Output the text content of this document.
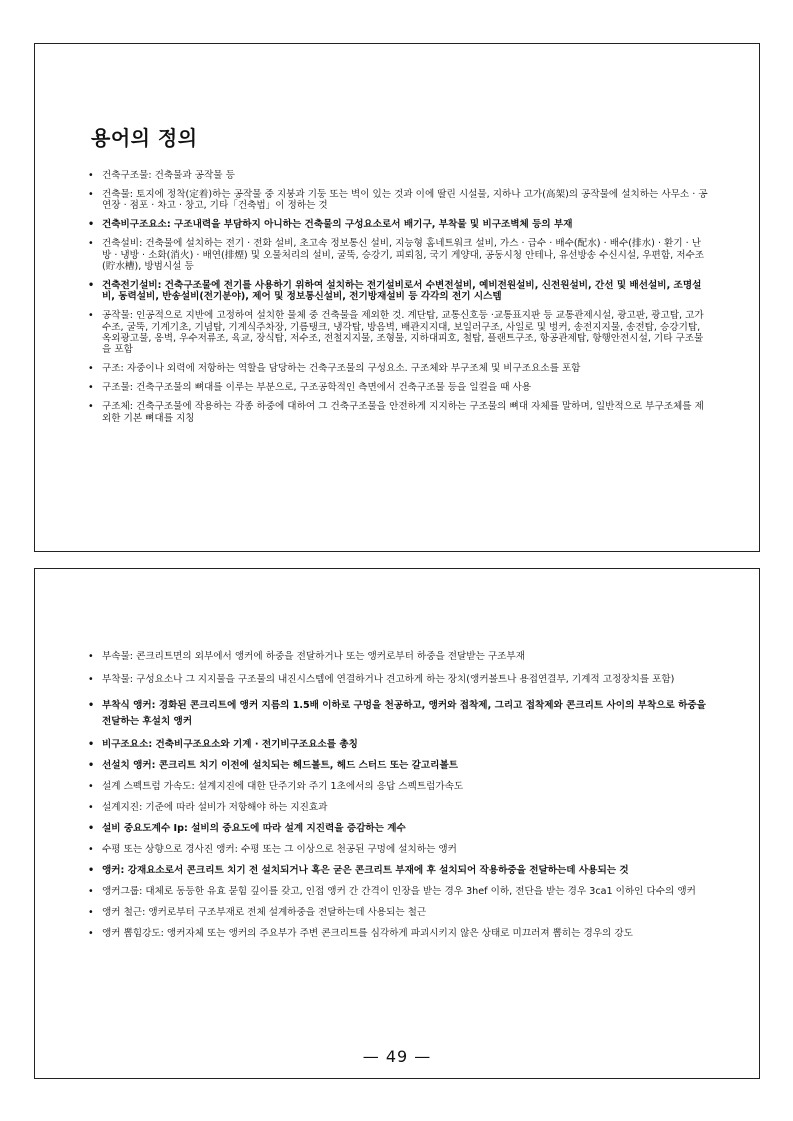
용어의 정의
• 건축구조물: 건축물과 공작물 등
• 건축물: 토지에 정착(定着)하는 공작물 중 지붕과 기둥 또는 벽이 있는 것과 이에 딸린 시설물, 지하나 고가(高架)의 공작물에 설치하는 사무소 · 공연장 · 점포 · 차고 · 창고, 기타「건축법」이 정하는 것
• 건축비구조요소: 구조내력을 부담하지 아니하는 건축물의 구성요소로서 배기구, 부착물 및 비구조벽체 등의 부재
• 건축설비: 건축물에 설치하는 전기 · 전화 설비, 초고속 정보통신 설비, 지능형 홈네트워크 설비, 가스 · 급수 · 배수(配水) · 배수(排水) · 환기 · 난방 · 냉방 · 소화(消火) · 배연(排煙) 및 오물처리의 설비, 굴뚝, 승강기, 피뢰침, 국기 게양대, 공동시청 안테나, 유선방송 수신시설, 우편함, 저수조(貯水槽), 방범시설 등
• 건축전기설비: 건축구조물에 전기를 사용하기 위하여 설치하는 전기설비로서 수변전설비, 예비전원설비, 신전원설비, 간선 및 배선설비, 조명설비, 동력설비, 반송설비(전기분야), 제어 및 정보통신설비, 전기방재설비 등 각각의 전기 시스템
• 공작물: 인공적으로 지반에 고정하여 설치한 물체 중 건축물을 제외한 것. 계단탑, 교통신호등 ·교통표지판 등 교통관제시설, 광고판, 광고탑, 고가수조, 굴뚝, 기계기초, 기념탑, 기계식주차장, 기름탱크, 냉각탑, 방음벽, 배관지지대, 보일러구조, 사일로 및 벙커, 송전지지물, 송전탑, 승강기탑, 옥외광고물, 옹벽, 우수저류조, 육교, 장식탑, 저수조, 전철지지물, 조형물, 지하대피호, 철탑, 플랜트구조, 항공관제탑, 항행안전시설, 기타 구조물을 포함
• 구조: 자중이나 외력에 저항하는 역할을 담당하는 건축구조물의 구성요소. 구조체와 부구조체 및 비구조요소를 포함
• 구조물: 건축구조물의 뼈대를 이루는 부분으로, 구조공학적인 측면에서 건축구조물 등을 일컬을 때 사용
• 구조체: 건축구조물에 작용하는 각종 하중에 대하여 그 건축구조물을 안전하게 지지하는 구조물의 뼈대 자체를 말하며, 일반적으로 부구조체를 제외한 기본 뼈대를 지칭
• 부속물: 콘크리트면의 외부에서 앵커에 하중을 전달하거나 또는 앵커로부터 하중을 전달받는 구조부재
• 부착물: 구성요소나 그 지지물을 구조물의 내진시스템에 연결하거나 견고하게 하는 장치(앵커볼트나 용접연결부, 기계적 고정장치를 포함)
• 부착식 앵커: 경화된 콘크리트에 앵커 지름의 1.5배 이하로 구멍을 천공하고, 앵커와 접착제, 그리고 접착제와 콘크리트 사이의 부착으로 하중을 전달하는 후설치 앵커
• 비구조요소: 건축비구조요소와 기계 · 전기비구조요소를 총칭
• 선설치 앵커: 콘크리트 치기 이전에 설치되는 헤드볼트, 헤드 스터드 또는 갈고리볼트
• 설계 스펙트럼 가속도: 설계지진에 대한 단주기와 주기 1초에서의 응답 스펙트럼가속도
• 설계지진: 기준에 따라 설비가 저항해야 하는 지진효과
• 설비 중요도계수 Ip: 설비의 중요도에 따라 설계 지진력을 증감하는 계수
• 수평 또는 상향으로 경사진 앵커: 수평 또는 그 이상으로 천공된 구멍에 설치하는 앵커
• 앵커: 강재요소로서 콘크리트 치기 전 설치되거나 혹은 굳은 콘크리트 부재에 후 설치되어 작용하중을 전달하는데 사용되는 것
• 앵커그룹: 대체로 동등한 유효 묻힘 깊이를 갖고, 인접 앵커 간 간격이 인장을 받는 경우 3hef 이하, 전단을 받는 경우 3ca1 이하인 다수의 앵커
• 앵커 철근: 앵커로부터 구조부재로 전체 설계하중을 전달하는데 사용되는 철근
• 앵커 뽑힘강도: 앵커자체 또는 앵커의 주요부가 주변 콘크리트를 심각하게 파괴시키지 않은 상태로 미끄러져 뽑히는 경우의 강도
— 49 —
